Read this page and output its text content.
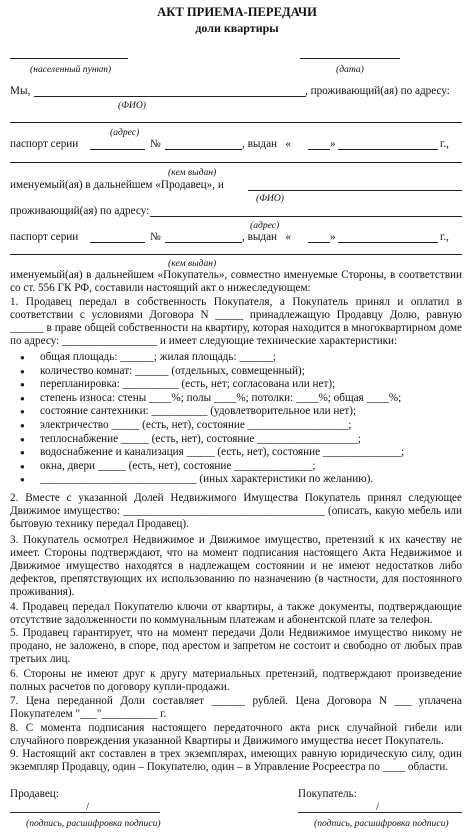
АКТ ПРИЕМА-ПЕРЕДАЧИ
доли квартиры
(населенный пункт)	(дата)
Мы,	, проживающий(ая) по адресу:
(ФИО)
(адрес)
паспорт серии	№	, выдан   «	»	г.,
(кем выдан)
именуемый(ая) в дальнейшем «Продавец», и
(ФИО)
проживающий(ая) по адресу:
(адрес)
паспорт серии	№	, выдан   «	»	г.,
(кем выдан)
именуемый(ая) в дальнейшем «Покупатель», совместно именуемые Стороны, в соответствии
со ст. 556 ГК РФ, составили настоящий акт о нижеследующем:
1. Продавец передал в собственность Покупателя, а Покупатель принял и оплатил в
соответствии с условиями Договора N _____ принадлежащую Продавцу Долю, равную
______ в праве общей собственности на квартиру, которая находится в многоквартирном доме
по адресу: _________________ и имеет следующие технические характеристики:
● общая площадь: ______; жилая площадь: ______;
● количество комнат: ______ (отдельных, совмещенный);
● перепланировка: __________ (есть, нет; согласована или нет);
● степень износа: стены ____%; полы ____%; потолки: ____%; общая ____%;
● состояние сантехники: __________ (удовлетворительное или нет);
● электричество _____ (есть, нет), состояние __________________;
● теплоснабжение _____ (есть, нет), состояние __________________;
● водоснабжение и канализация _____ (есть, нет), состояние ______________;
● окна, двери _____ (есть, нет), состояние ______________;
● ____________________________ (иных характеристики по желанию).
2. Вместе с указанной Долей Недвижимого Имущества Покупатель принял следующее
Движимое имущество: ____________________________________ (описать, какую мебель или
бытовую технику передал Продавец).
3. Покупатель осмотрел Недвижимое и Движимое имущество, претензий к их качеству не
имеет. Стороны подтверждают, что на момент подписания настоящего Акта Недвижимое и
Движимое имущество находятся в надлежащем состоянии и не имеют недостатков либо
дефектов, препятствующих их использованию по назначению (в частности, для постоянного
проживания).
4. Продавец передал Покупателю ключи от квартиры, а также документы, подтверждающие
отсутствие задолженности по коммунальным платежам и абонентской плате за телефон.
5. Продавец гарантирует, что на момент передачи Доли Недвижимое имущество никому не
продано, не заложено, в споре, под арестом и запретом не состоит и свободно от любых прав
третьих лиц.
6. Стороны не имеют друг к другу материальных претензий, подтверждают произведение
полных расчетов по договору купли-продажи.
7. Цена переданной Доли составляет ______ рублей. Цена Договора N ___ уплачена
Покупателем "___"__________ г.
8. С момента подписания настоящего передаточного акта риск случайной гибели или
случайного повреждения указанной Квартиры и Движимого имущества несет Покупатель.
9. Настоящий акт составлен в трех экземплярах, имеющих равную юридическую силу, один
экземпляр Продавцу, один – Покупателю, один – в Управление Росреестра по ____ области.
Продавец:	Покупатель:
/	/
(подпись, расшифровка подписи)	(подпись, расшифровка подписи)
